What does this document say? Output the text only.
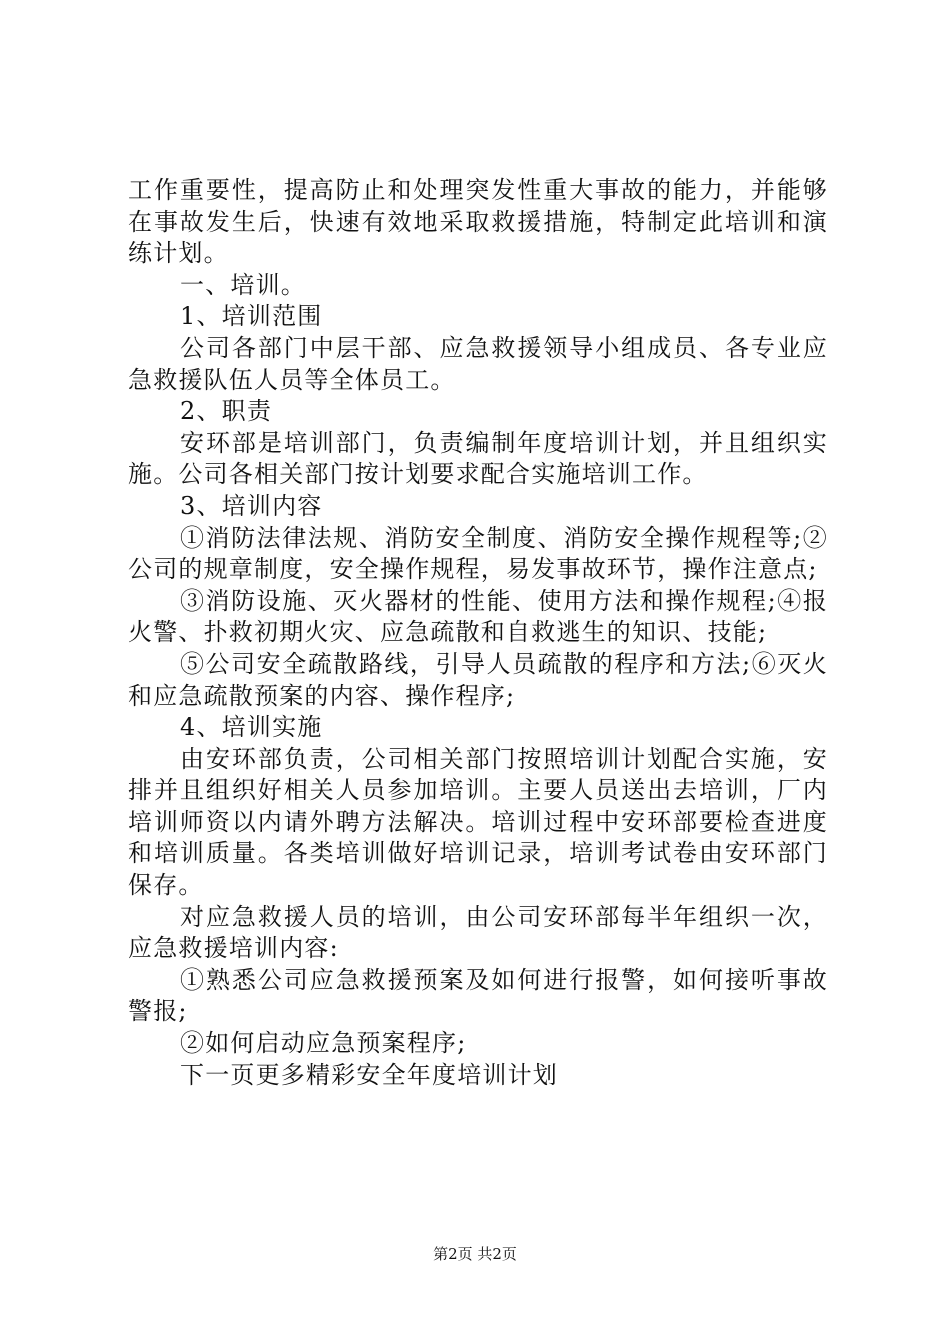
工作重要性，提高防止和处理突发性重大事故的能力，并能够在事故发生后，快速有效地采取救援措施，特制定此培训和演练计划。

一、培训。

1、培训范围

公司各部门中层干部、应急救援领导小组成员、各专业应急救援队伍人员等全体员工。

2、职责

安环部是培训部门，负责编制年度培训计划，并且组织实施。公司各相关部门按计划要求配合实施培训工作。

3、培训内容

①消防法律法规、消防安全制度、消防安全操作规程等;②公司的规章制度，安全操作规程，易发事故环节，操作注意点;

③消防设施、灭火器材的性能、使用方法和操作规程;④报火警、扑救初期火灾、应急疏散和自救逃生的知识、技能;

⑤公司安全疏散路线，引导人员疏散的程序和方法;⑥灭火和应急疏散预案的内容、操作程序;

4、培训实施

由安环部负责，公司相关部门按照培训计划配合实施，安排并且组织好相关人员参加培训。主要人员送出去培训，厂内培训师资以内请外聘方法解决。培训过程中安环部要检查进度和培训质量。各类培训做好培训记录，培训考试卷由安环部门保存。

对应急救援人员的培训，由公司安环部每半年组织一次，应急救援培训内容:

①熟悉公司应急救援预案及如何进行报警，如何接听事故警报;

②如何启动应急预案程序;

下一页更多精彩安全年度培训计划

第2页 共2页
